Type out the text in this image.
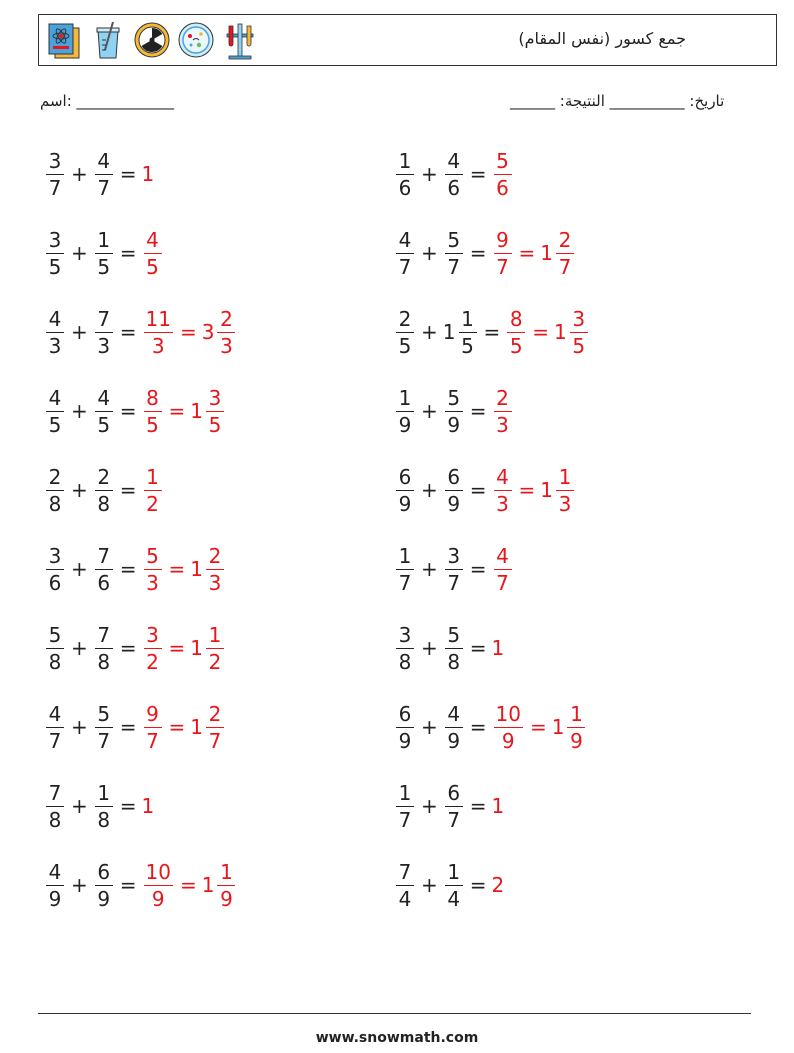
جمع كسور (نفس المقام)
اسم: _____________	______ :تاريخ: __________ النتيجة
$\frac{3}{7} + \frac{4}{7} = 1$	$\frac{1}{6} + \frac{4}{6} = \frac{5}{6}$
$\frac{3}{5} + \frac{1}{5} = \frac{4}{5}$	$\frac{4}{7} + \frac{5}{7} = \frac{9}{7} = 1 \frac{2}{7}$
$\frac{4}{3} + \frac{7}{3} = \frac{11}{3} = 3 \frac{2}{3}$	$\frac{2}{5} + 1 \frac{1}{5} = \frac{8}{5} = 1 \frac{3}{5}$
$\frac{4}{5} + \frac{4}{5} = \frac{8}{5} = 1 \frac{3}{5}$	$\frac{1}{9} + \frac{5}{9} = \frac{2}{3}$
$\frac{2}{8} + \frac{2}{8} = \frac{1}{2}$	$\frac{6}{9} + \frac{6}{9} = \frac{4}{3} = 1 \frac{1}{3}$
$\frac{3}{6} + \frac{7}{6} = \frac{5}{3} = 1 \frac{2}{3}$	$\frac{1}{7} + \frac{3}{7} = \frac{4}{7}$
$\frac{5}{8} + \frac{7}{8} = \frac{3}{2} = 1 \frac{1}{2}$	$\frac{3}{8} + \frac{5}{8} = 1$
$\frac{4}{7} + \frac{5}{7} = \frac{9}{7} = 1 \frac{2}{7}$	$\frac{6}{9} + \frac{4}{9} = \frac{10}{9} = 1 \frac{1}{9}$
$\frac{7}{8} + \frac{1}{8} = 1$	$\frac{1}{7} + \frac{6}{7} = 1$
$\frac{4}{9} + \frac{6}{9} = \frac{10}{9} = 1 \frac{1}{9}$	$\frac{7}{4} + \frac{1}{4} = 2$
www.snowmath.com
